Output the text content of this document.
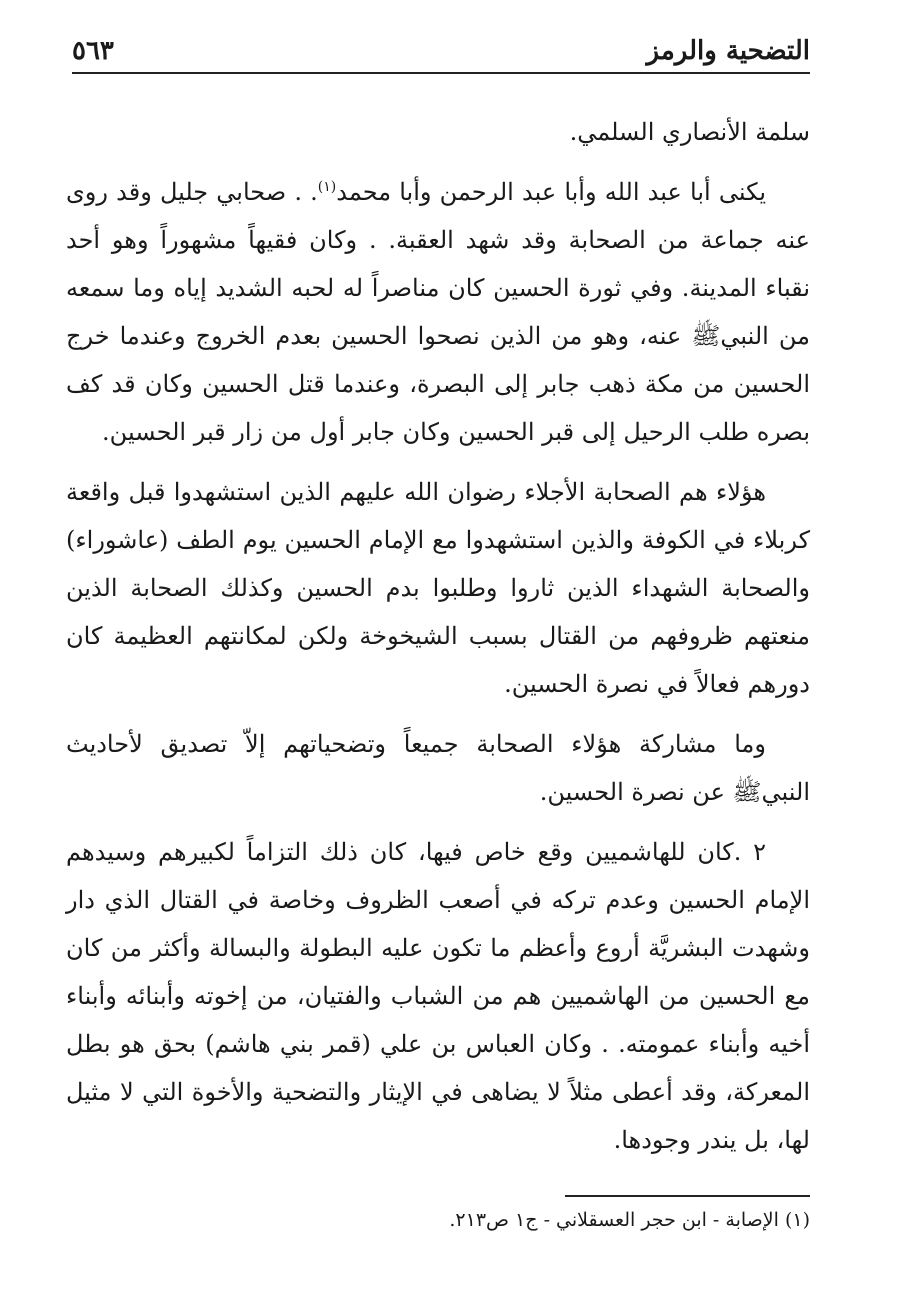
٥٦٣	التضحية والرمز

سلمة الأنصاري السلمي.

يكنى أبا عبد الله وأبا عبد الرحمن وأبا محمد$^{(١)}$. . صحابي جليل وقد روى عنه جماعة من الصحابة وقد شهد العقبة. . وكان فقيهاً مشهوراً وهو أحد نقباء المدينة. وفي ثورة الحسين كان مناصراً له لحبه الشديد إياه وما سمعه من النبيﷺ عنه، وهو من الذين نصحوا الحسين بعدم الخروج وعندما خرج الحسين من مكة ذهب جابر إلى البصرة، وعندما قتل الحسين وكان قد كف بصره طلب الرحيل إلى قبر الحسين وكان جابر أول من زار قبر الحسين.

هؤلاء هم الصحابة الأجلاء رضوان الله عليهم الذين استشهدوا قبل واقعة كربلاء في الكوفة والذين استشهدوا مع الإمام الحسين يوم الطف (عاشوراء) والصحابة الشهداء الذين ثاروا وطلبوا بدم الحسين وكذلك الصحابة الذين منعتهم ظروفهم من القتال بسبب الشيخوخة ولكن لمكانتهم العظيمة كان دورهم فعالاً في نصرة الحسين.

وما مشاركة هؤلاء الصحابة جميعاً وتضحياتهم إلاّ تصديق لأحاديث النبيﷺ عن نصرة الحسين.

٢ .كان للهاشميين وقع خاص فيها، كان ذلك التزاماً لكبيرهم وسيدهم الإمام الحسين وعدم تركه في أصعب الظروف وخاصة في القتال الذي دار وشهدت البشريَّة أروع وأعظم ما تكون عليه البطولة والبسالة وأكثر من كان مع الحسين من الهاشميين هم من الشباب والفتيان، من إخوته وأبنائه وأبناء أخيه وأبناء عمومته. . وكان العباس بن علي (قمر بني هاشم) بحق هو بطل المعركة، وقد أعطى مثلاً لا يضاهى في الإيثار والتضحية والأخوة التي لا مثيل لها، بل يندر وجودها.

(١) الإصابة - ابن حجر العسقلاني - ج١ ص٢١٣.
